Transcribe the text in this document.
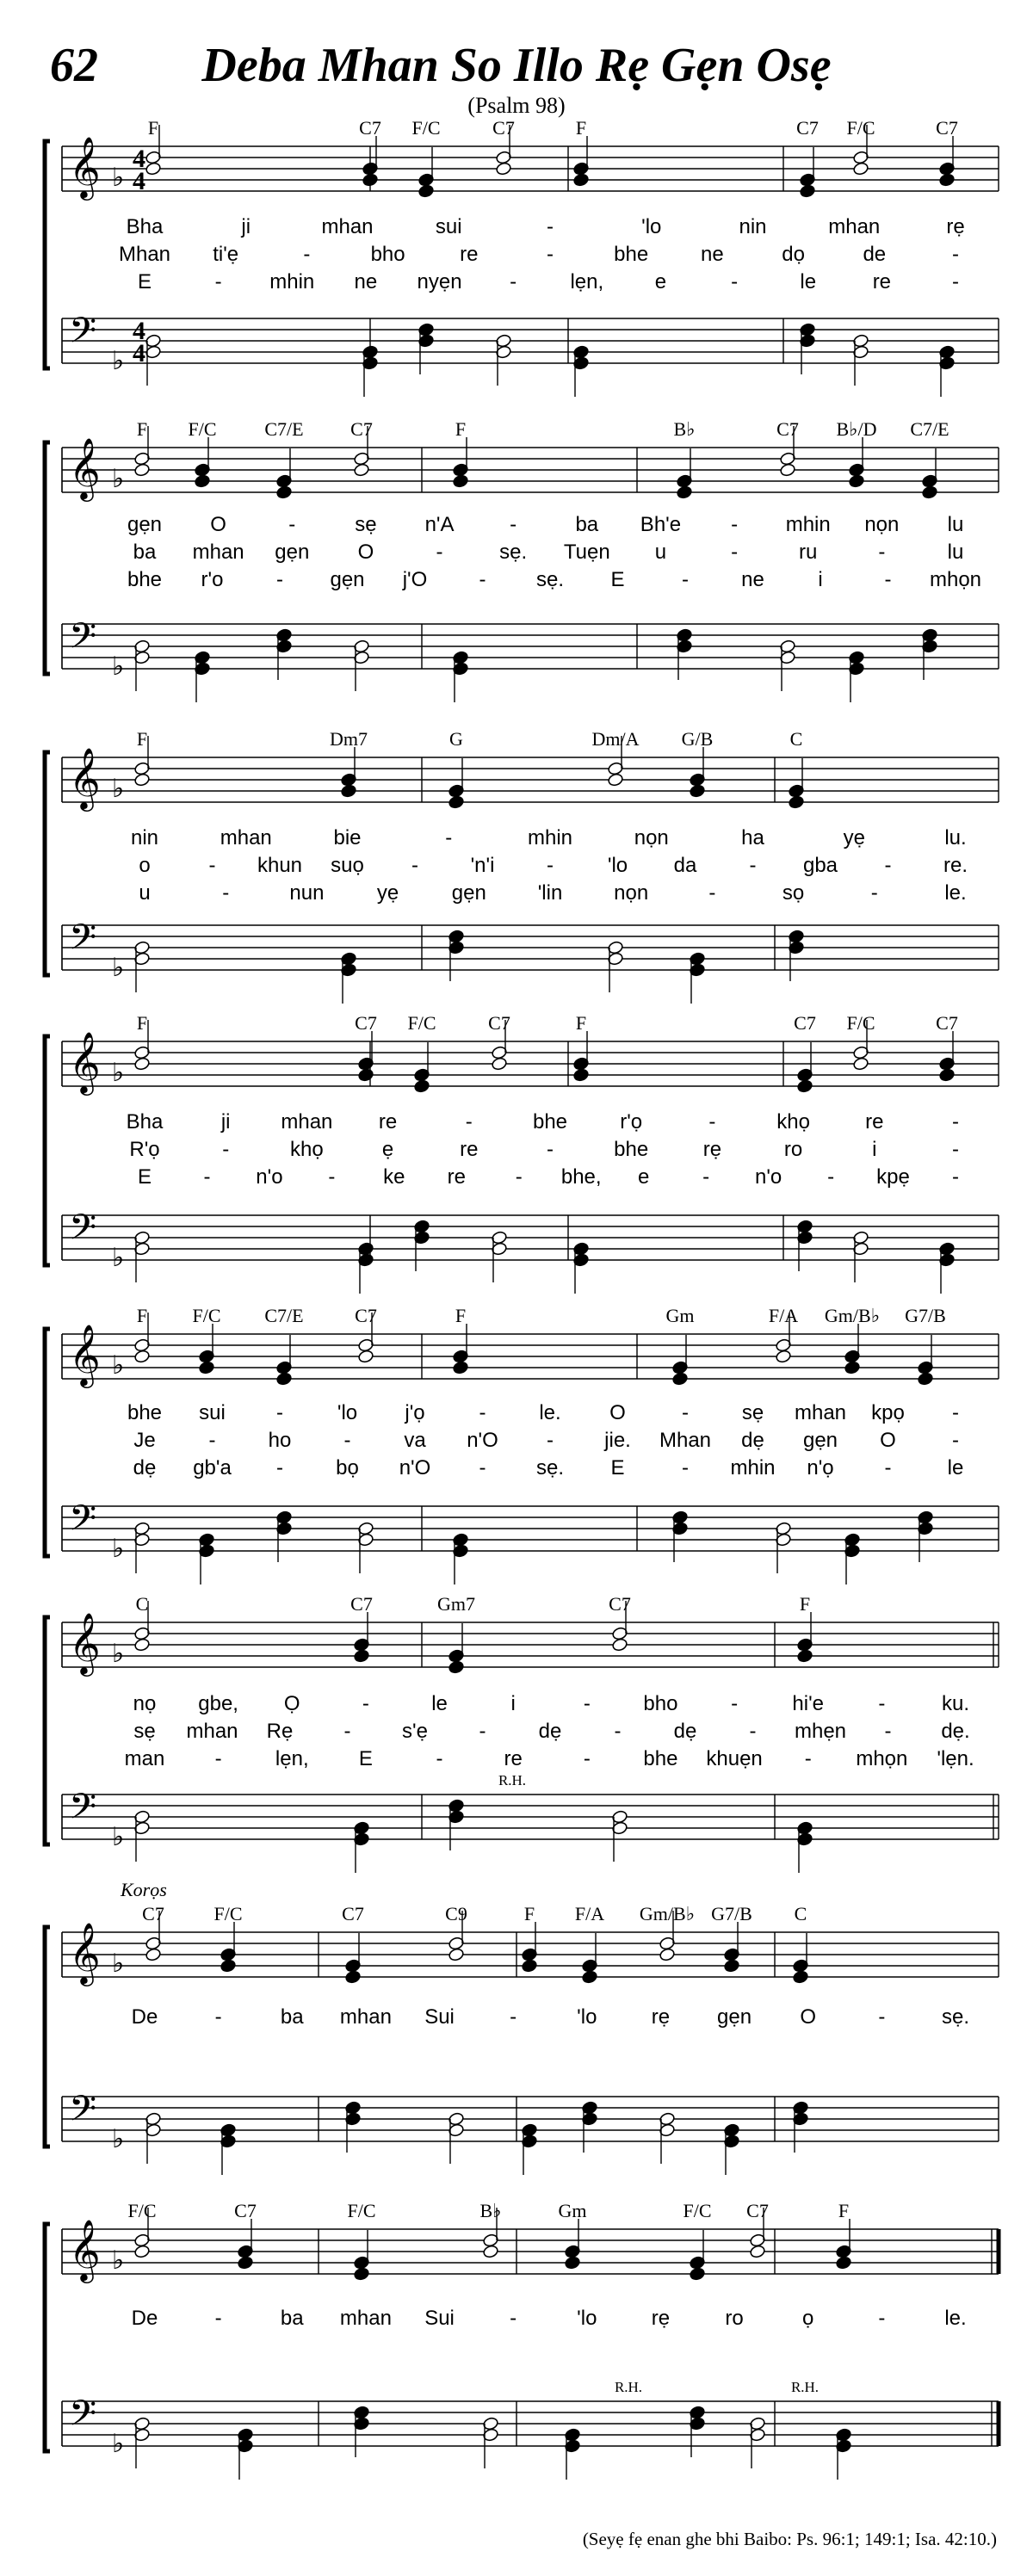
62	Deba Mhan So Illo Rẹ Gẹn Osẹ
(Psalm 98)
𝄞
𝄢
♭
♭
4
4
4
4
F	C7 F/C	C7	F	C7 F/C	C7
Bha	ji	mhan	sui	-	'lo	nin	mhan	rẹ
Mhan ti'ẹ	-	bho	re	-	bhe	ne	dọ	de	-
E	- mhin ne nyẹn -	lẹn, e	-	le	re	-
𝄞
𝄢
♭
♭
F F/C	C7/E C7	F	B♭	C7 B♭/D C7/E
gẹn O	-	sẹ n'A	-	ba Bh'e - mhin nọn lu
ba mhan gẹn O	-	sẹ. Tuẹn u	-	ru	-	lu
bhe r'o	- gẹn j'O	- sẹ. E	-	ne	i	- mhọn
𝄞
𝄢
♭
♭
F	Dm7	G	Dm/A G/B	C
nin	mhan	bie	-	mhin	nọn	ha	yẹ	lu.
o	- khun suọ -	'n'i	-	'lo da	- gba -	re.
u	-	nun	yẹ	gẹn 'lin nọn	-	sọ	-	le.
𝄞
𝄢
♭
♭
F	C7 F/C	C7	F	C7 F/C	C7
Bha	ji mhan re	-	bhe	r'ọ	-	khọ	re	-
R'ọ	-	khọ	ẹ	re	-	bhe	rẹ	ro	i	-
E	- n'o - ke re - bhe, e	- n'o - kpẹ -
𝄞
𝄢
♭
♭
F F/C C7/E	C7	F	Gm	F/A Gm/B♭ G7/B
bhe sui -	'lo j'ọ	-	le. O	-	sẹ mhan kpọ -
Je	-	ho	-	va n'O - jie. Mhan dẹ gẹn O	-
dẹ gb'a -	bọ n'O - sẹ. E	- mhin n'ọ -	le
𝄞
𝄢
♭
♭
C	C7	Gm7	C7	F
nọ gbe, Ọ	-	le	i	-	bho	-	hi'e	-	ku.
sẹ mhan Rẹ - s'ẹ -	dẹ	-	dẹ	- mhẹn - dẹ.
man -	lẹn, E	-	re	-	bhe khuẹn - mhọn 'lẹn.
R.H.
𝄞
𝄢
♭
♭
C7	F/C	C7	C9	F F/A Gm/B♭ G7/B C
Korọs
De	-	ba mhan Sui	-	'lo	rẹ gẹn O	-	sẹ.
𝄞
𝄢
♭
♭
F/C	C7	F/C	B♭	Gm	F/C C7	F
De	-	ba mhan Sui	-	'lo	rẹ	ro	ọ	-	le.
R.H.	R.H.
(Seyẹ fẹ enan ghe bhi Baibo: Ps. 96:1; 149:1; Isa. 42:10.)
